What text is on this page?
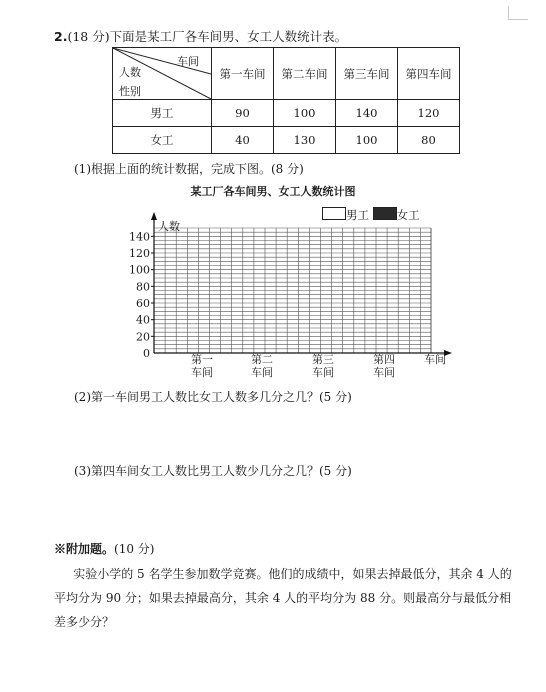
2.(18 分)下面是某工厂各车间男、女工人数统计表。
车间
人数
性别	第一车间	第二车间	第三车间	第四车间
男工	90	100	140	120
女工	40	130	100	80
(1)根据上面的统计数据，完成下图。(8 分)
某工厂各车间男、女工人数统计图
男工 女工
140
120
100
80
60
40
20
0
人数
车间
第一
车间
第二
车间
第三
车间
第四
车间
(2)第一车间男工人数比女工人数多几分之几？(5 分)
(3)第四车间女工人数比男工人数少几分之几？(5 分)
※附加题。(10 分)
实验小学的 5 名学生参加数学竞赛。他们的成绩中，如果去掉最低分，其余 4 人的平均分为 90 分；如果去掉最高分，其余 4 人的平均分为 88 分。则最高分与最低分相差多少分？
